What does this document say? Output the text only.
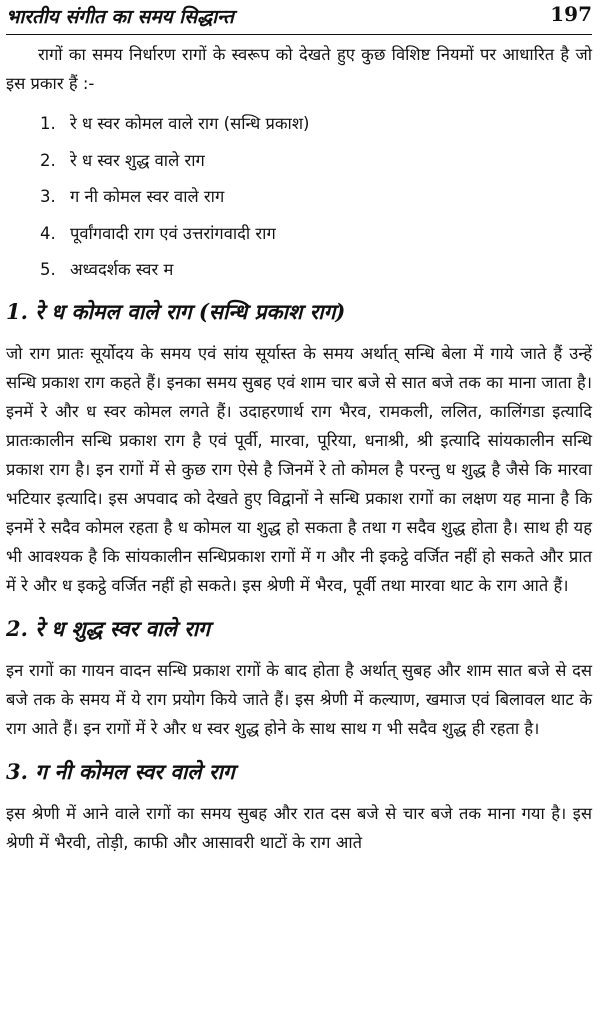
भारतीय संगीत का समय सिद्धान्त	197

रागों का समय निर्धारण रागों के स्वरूप को देखते हुए कुछ विशिष्ट नियमों पर आधारित है जो इस प्रकार हैं :-

1. रे ध स्वर कोमल वाले राग (सन्धि प्रकाश)
2. रे ध स्वर शुद्ध वाले राग
3. ग नी कोमल स्वर वाले राग
4. पूर्वांगवादी राग एवं उत्तरांगवादी राग
5. अध्वदर्शक स्वर म
1. रे ध कोमल वाले राग (सन्धि प्रकाश राग)

जो राग प्रातः सूर्योदय के समय एवं सांय सूर्यास्त के समय अर्थात् सन्धि बेला में गाये जाते हैं उन्हें सन्धि प्रकाश राग कहते हैं। इनका समय सुबह एवं शाम चार बजे से सात बजे तक का माना जाता है। इनमें रे और ध स्वर कोमल लगते हैं। उदाहरणार्थ राग भैरव, रामकली, ललित, कालिंगडा इत्यादि प्रातःकालीन सन्धि प्रकाश राग है एवं पूर्वी, मारवा, पूरिया, धनाश्री, श्री इत्यादि सांयकालीन सन्धि प्रकाश राग है। इन रागों में से कुछ राग ऐसे है जिनमें रे तो कोमल है परन्तु ध शुद्ध है जैसे कि मारवा भटियार इत्यादि। इस अपवाद को देखते हुए विद्वानों ने सन्धि प्रकाश रागों का लक्षण यह माना है कि इनमें रे सदैव कोमल रहता है ध कोमल या शुद्ध हो सकता है तथा ग सदैव शुद्ध होता है। साथ ही यह भी आवश्यक है कि सांयकालीन सन्धिप्रकाश रागों में ग और नी इकट्ठे वर्जित नहीं हो सकते और प्रात में रे और ध इकट्ठे वर्जित नहीं हो सकते। इस श्रेणी में भैरव, पूर्वी तथा मारवा थाट के राग आते हैं।

2. रे ध शुद्ध स्वर वाले राग

इन रागों का गायन वादन सन्धि प्रकाश रागों के बाद होता है अर्थात् सुबह और शाम सात बजे से दस बजे तक के समय में ये राग प्रयोग किये जाते हैं। इस श्रेणी में कल्याण, खमाज एवं बिलावल थाट के राग आते हैं। इन रागों में रे और ध स्वर शुद्ध होने के साथ साथ ग भी सदैव शुद्ध ही रहता है।

3. ग नी कोमल स्वर वाले राग

इस श्रेणी में आने वाले रागों का समय सुबह और रात दस बजे से चार बजे तक माना गया है। इस श्रेणी में भैरवी, तोड़ी, काफी और आसावरी थाटों के राग आते
